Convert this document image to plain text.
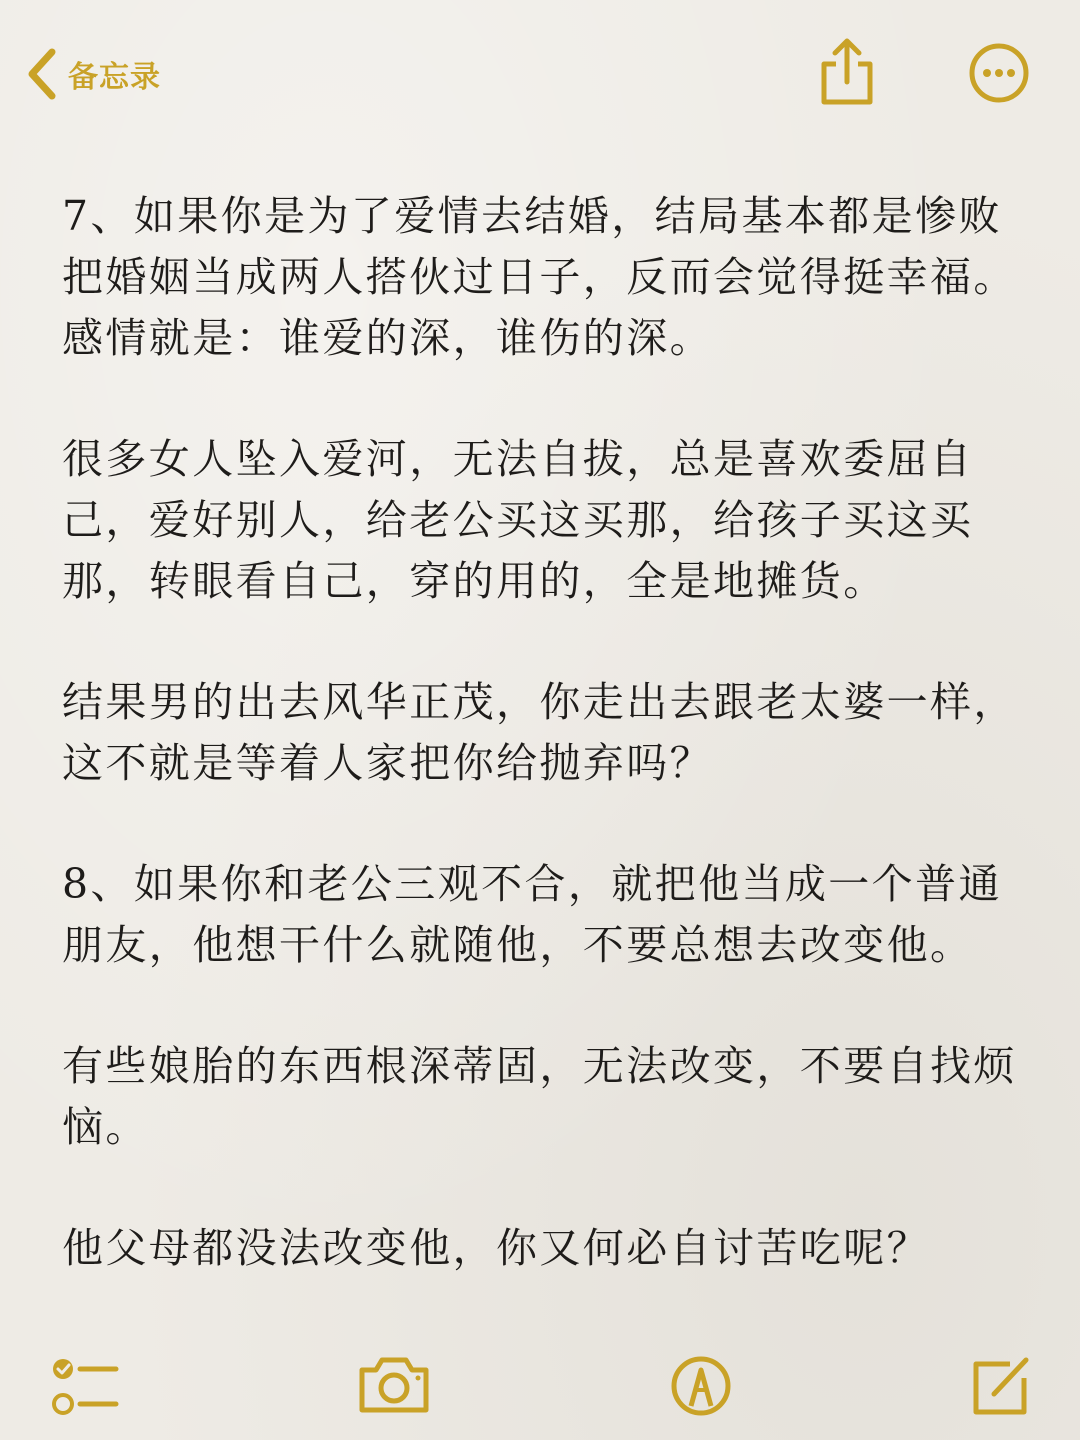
备忘录

7、如果你是为了爱情去结婚，结局基本都是惨败把婚姻当成两人搭伙过日子，反而会觉得挺幸福。感情就是：谁爱的深，谁伤的深。

很多女人坠入爱河，无法自拔，总是喜欢委屈自己，爱好别人，给老公买这买那，给孩子买这买那，转眼看自己，穿的用的，全是地摊货。

结果男的出去风华正茂，你走出去跟老太婆一样，这不就是等着人家把你给抛弃吗？

8、如果你和老公三观不合，就把他当成一个普通朋友，他想干什么就随他，不要总想去改变他。

有些娘胎的东西根深蒂固，无法改变，不要自找烦恼。

他父母都没法改变他，你又何必自讨苦吃呢？
